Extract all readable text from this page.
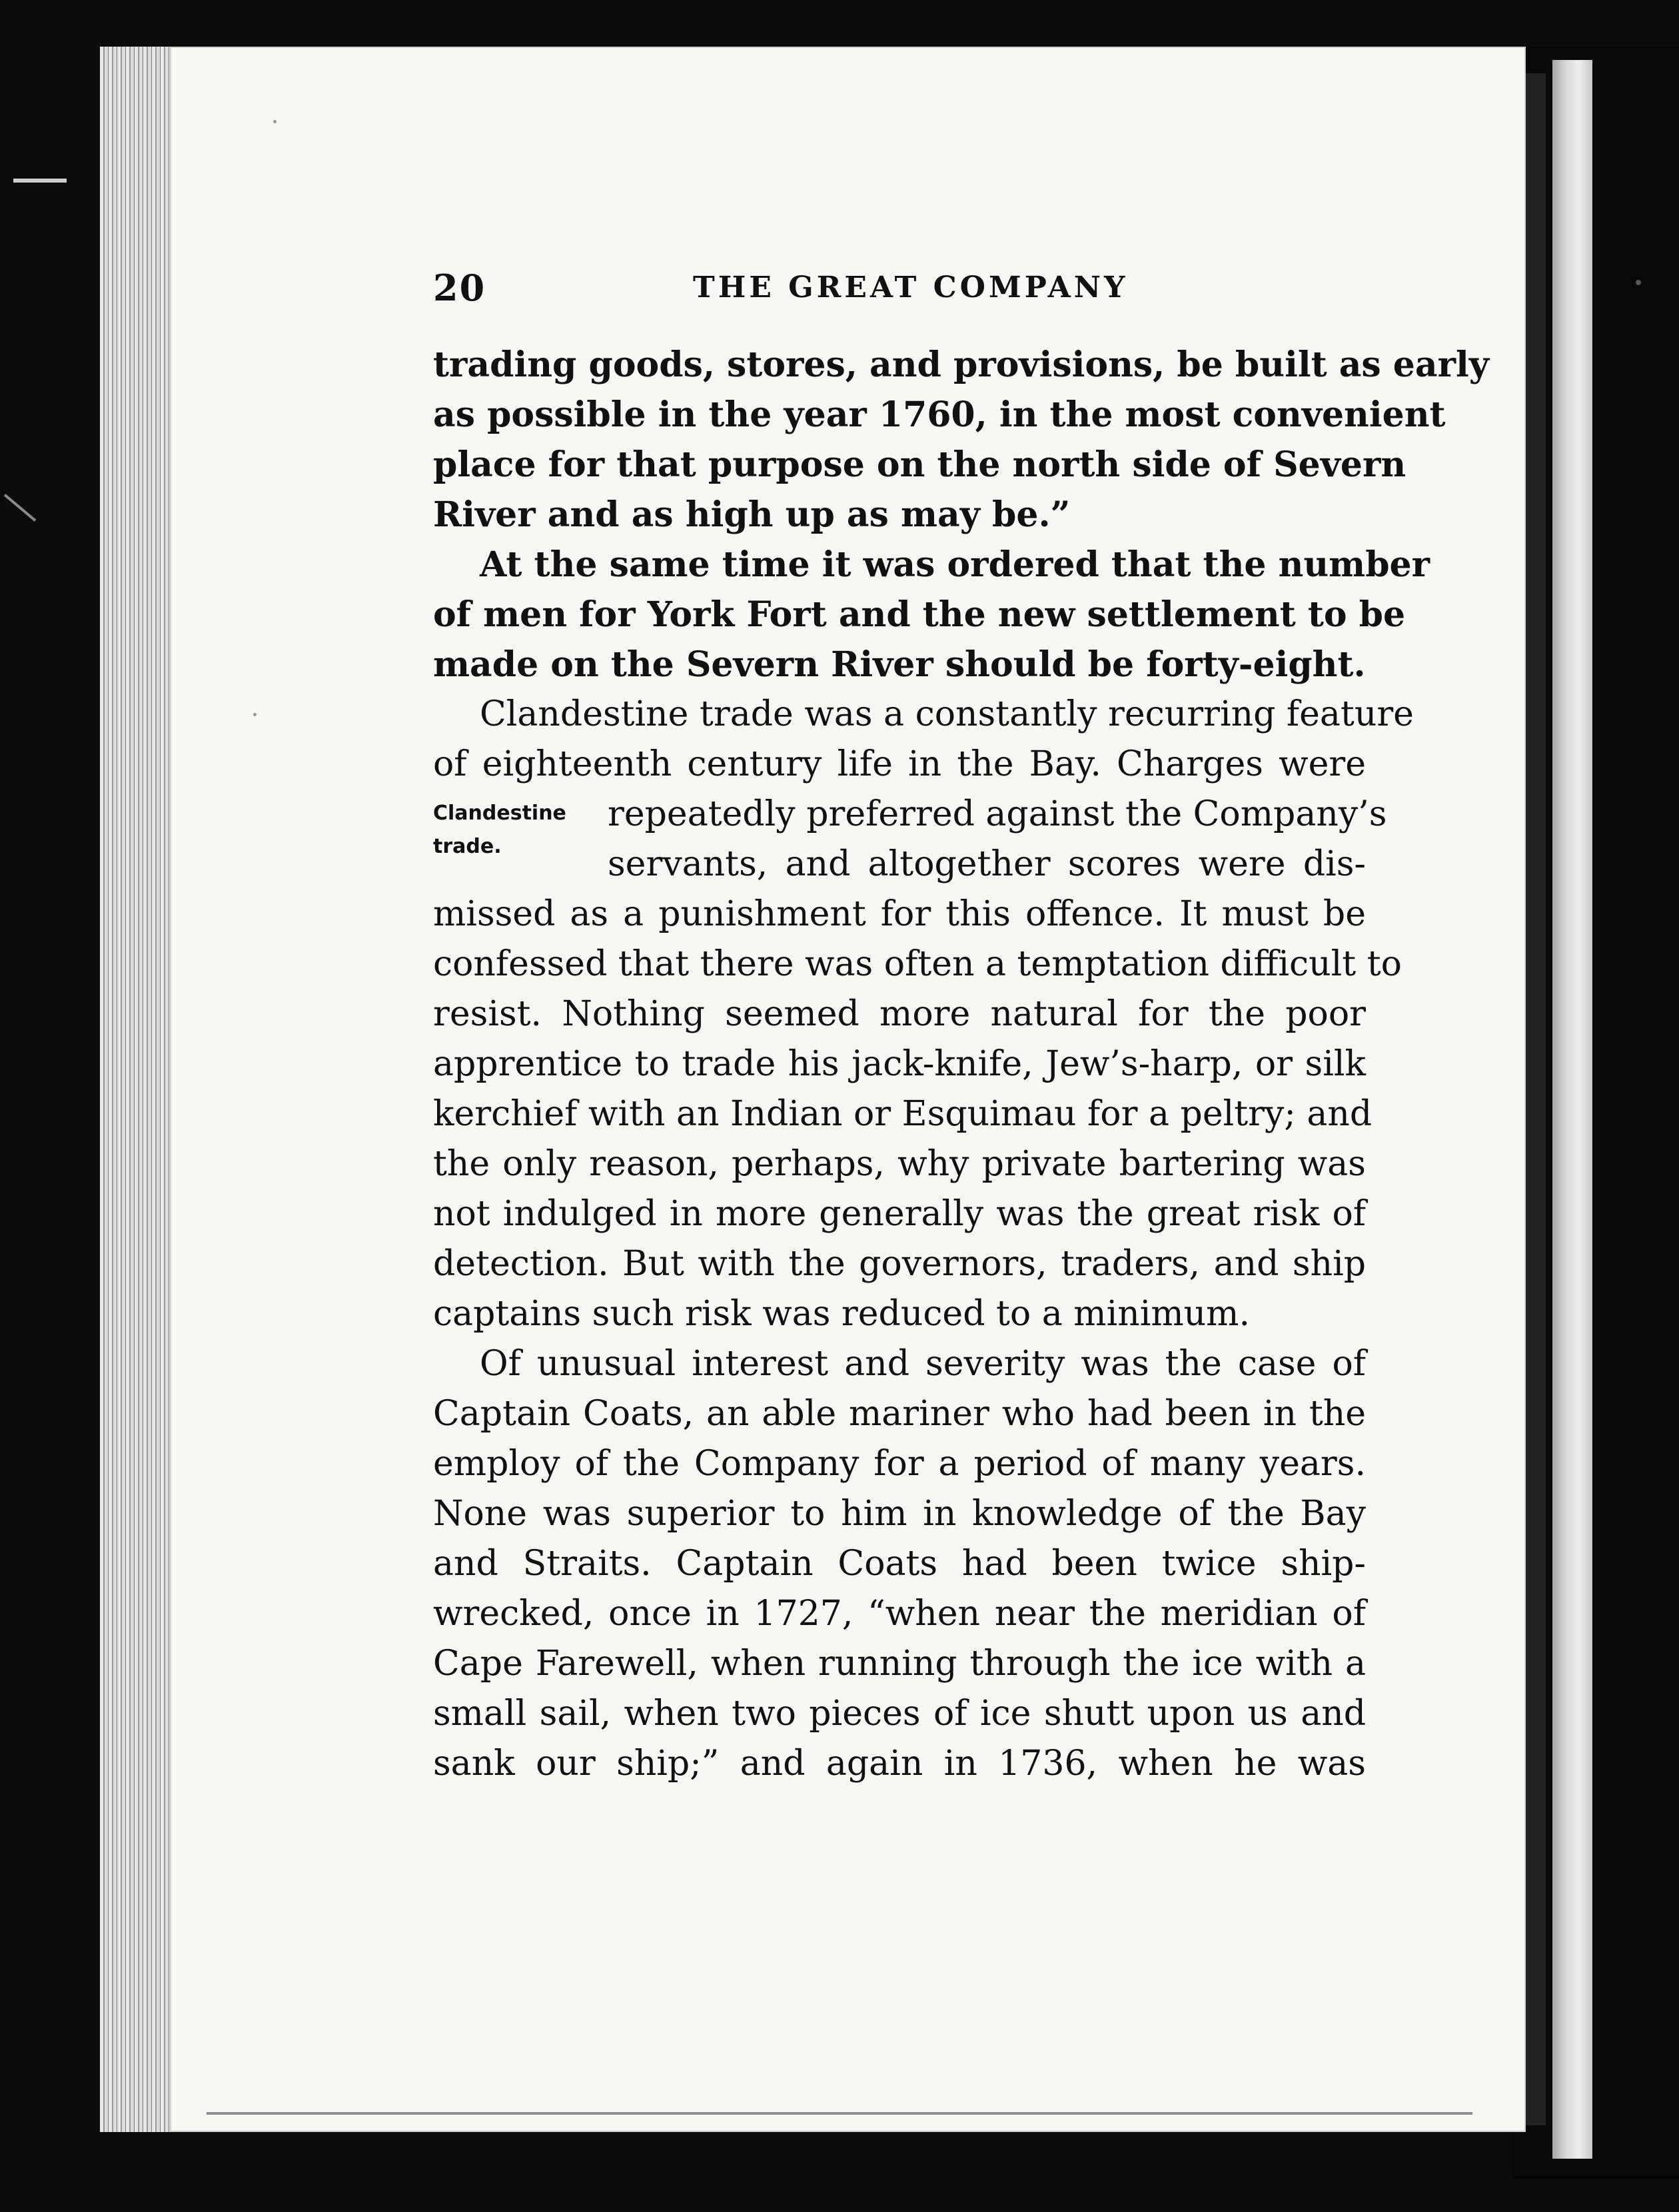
20	THE GREAT COMPANY
trading goods, stores, and provisions, be built as early
as possible in the year 1760, in the most convenient
place for that purpose on the north side of Severn
River and as high up as may be.”
At the same time it was ordered that the number
of men for York Fort and the new settlement to be
made on the Severn River should be forty-eight.
Clandestine trade was a constantly recurring feature
of eighteenth century life in the Bay. Charges were
Clandestine
trade.
repeatedly preferred against the Company’s
servants, and altogether scores were dis-
missed as a punishment for this offence. It must be
confessed that there was often a temptation difficult to
resist. Nothing seemed more natural for the poor
apprentice to trade his jack-knife, Jew’s-harp, or silk
kerchief with an Indian or Esquimau for a peltry; and
the only reason, perhaps, why private bartering was
not indulged in more generally was the great risk of
detection. But with the governors, traders, and ship
captains such risk was reduced to a minimum.
Of unusual interest and severity was the case of
Captain Coats, an able mariner who had been in the
employ of the Company for a period of many years.
None was superior to him in knowledge of the Bay
and Straits. Captain Coats had been twice ship-
wrecked, once in 1727, “when near the meridian of
Cape Farewell, when running through the ice with a
small sail, when two pieces of ice shutt upon us and
sank our ship;” and again in 1736, when he was
